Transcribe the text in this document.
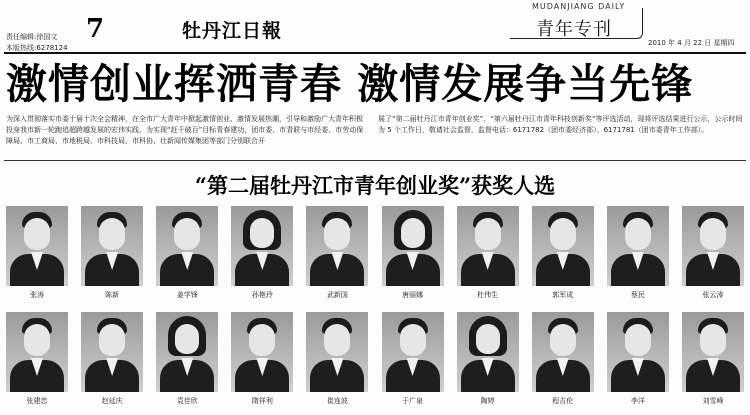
责任编辑:徐国文
本版热线:6278124
7	牡丹江日報
MUDANJIANG DAILY
青年专刊
2010 年 4 月 22 日 星期四
激情创业挥洒青春 激情发展争当先锋
为深入贯彻落实市委十届十次全会精神，在全市广大青年中掀起激情创业、激情发展热潮，引导和激励广大青年积极投身我市新一轮跑追超跨越发展的宏伟实践，为实现“赶千破百”目标青春建功，团市委、市青联与市经委、市劳动保障局、市工商局、市地税局、市科技局、市科协、壮新闻传媒集团等部门分别联合开
展了“第二届牡丹江市青年创业奖”、“第六届牡丹江市青年科技创新奖”等评选活动，现将评选结果进行公示，公示时间为 5 个工作日，敬请社会监督，监督电话：6171782（团市委经济部）、6171781（团市委青年工作部）。
“第二届牡丹江市青年创业奖”获奖人选
张涛	陈新	姜学锋	孙艳玲	武新国	唐丽娜	杜伟生	郭军成	蔡民	张云涛
张建忠	赵延庆	袁佳欣	隋祥利	崔连波	于广泉	陶婷	程吉伦	李洋	刘雪峰
